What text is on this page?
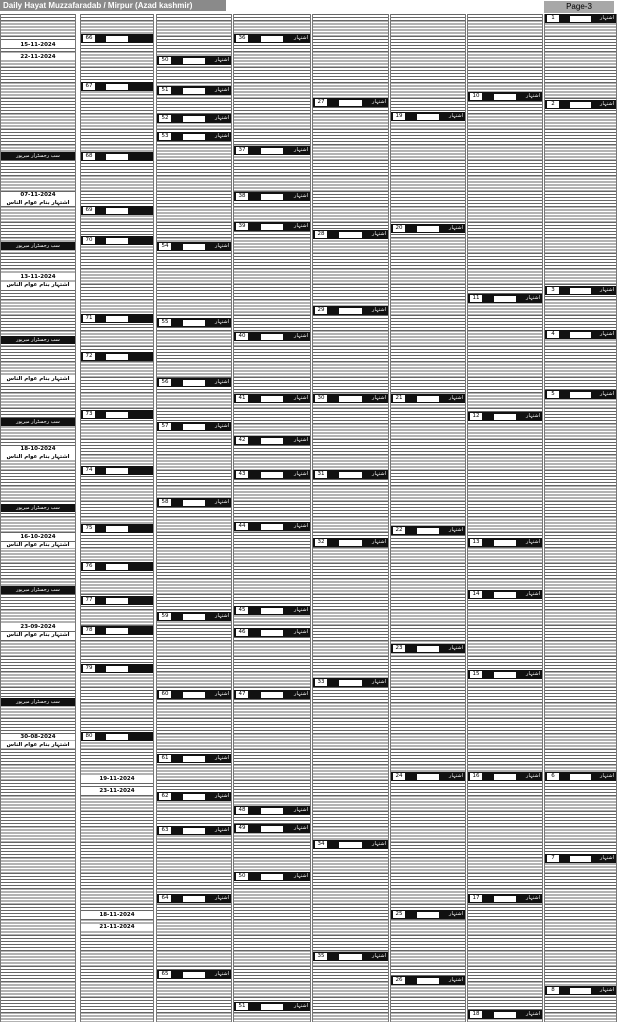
Daily Hayat Muzzafaradab / Mirpur (Azad kashmir)	Page-3
15-11-2024
22-11-2024
سب رجسٹرار میرپور
07-11-2024
اشتہار بنام عوام الناس
سب رجسٹرار میرپور
13-11-2024
اشتہار بنام عوام الناس
سب رجسٹرار میرپور
اشتہار بنام عوام الناس
سب رجسٹرار میرپور
18-10-2024
اشتہار بنام عوام الناس
سب رجسٹرار میرپور
16-10-2024
اشتہار بنام عوام الناس
سب رجسٹرار میرپور
23-09-2024
اشتہار بنام عوام الناس
سب رجسٹرار میرپور
30-08-2024
اشتہار بنام عوام الناس
66
67
68
69
70
71
72
73
74
75
76
77
78
79
80
19-11-2024
23-11-2024
18-11-2024
21-11-2024
50	اشتہار
51	اشتہار
52	اشتہار
53	اشتہار
54	اشتہار
55	اشتہار
56	اشتہار
57	اشتہار
58	اشتہار
59	اشتہار
60	اشتہار
61	اشتہار
62	اشتہار
63	اشتہار
64	اشتہار
65	اشتہار
36	اشتہار
37	اشتہار
38	اشتہار
39	اشتہار
40	اشتہار
41	اشتہار
42	اشتہار
43	اشتہار
44	اشتہار
45	اشتہار
46	اشتہار
47	اشتہار
48	اشتہار
49	اشتہار
50	اشتہار
51	اشتہار
27	اشتہار
28	اشتہار
29	اشتہار
30	اشتہار
31	اشتہار
32	اشتہار
33	اشتہار
34	اشتہار
35	اشتہار
19	اشتہار
20	اشتہار
21	اشتہار
22	اشتہار
23	اشتہار
24	اشتہار
25	اشتہار
26	اشتہار
10	اشتہار
11	اشتہار
12	اشتہار
13	اشتہار
14	اشتہار
15	اشتہار
16	اشتہار
17	اشتہار
18	اشتہار
1	اشتہار
2	اشتہار
3	اشتہار
4	اشتہار
5	اشتہار
6	اشتہار
7	اشتہار
8	اشتہار
